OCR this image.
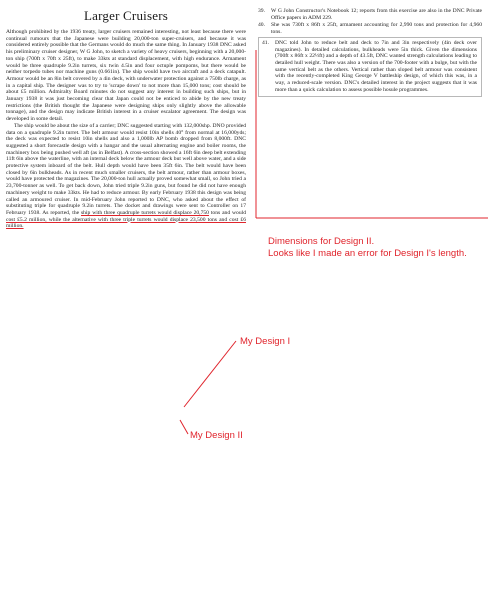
Larger Cruisers

Although prohibited by the 1936 treaty, larger cruisers remained interesting, not least because there were continual rumours that the Japanese were building 20,000-ton super-cruisers, and because it was considered entirely possible that the Germans would do much the same thing. In January 1938 DNC asked his preliminary cruiser designer, W G John, to sketch a variety of heavy cruisers, beginning with a 20,000-ton ship (700ft x 70ft x 25ft), to make 33kts at standard displacement, with high endurance. Armament would be three quadruple 9.2in turrets, six twin 4.5in and four octuple pompoms, but there would be neither torpedo tubes nor machine guns (0.661in). The ship would have two aircraft and a deck catapult. Armour would be an 8in belt covered by a 4in deck, with underwater protection against a 750lb charge, as in a capital ship. The designer was to try to 'scrape down' to not more than 15,000 tons; cost should be about £5 million. Admiralty Board minutes do not suggest any interest in building such ships, but in January 1938 it was just becoming clear that Japan could not be enticed to abide by the new treaty restrictions (the British thought the Japanese were designing ships only slightly above the allowable tonnage), and the design may indicate British interest in a cruiser escalator agreement. The design was developed in some detail.

The ship would be about the size of a carrier; DNC suggested starting with 132,000shp. DNO provided data on a quadruple 9.2in turret. The belt armour would resist 10in shells 40° from normal at 16,000yds; the deck was expected to resist 10in shells and also a 1,000lb AP bomb dropped from 8,000ft. DNC suggested a short forecastle design with a hangar and the usual alternating engine and boiler rooms, the machinery box being pushed well aft (as in Belfast). A cross-section showed a 16ft 6in deep belt extending 11ft 6in above the waterline, with an internal deck below the armour deck but well above water, and a side protective system inboard of the belt. Hull depth would have been 35ft 6in. The belt would have been closed by 6in bulkheads. As in recent much smaller cruisers, the belt armour, rather than armour boxes, would have protected the magazines. The 20,000-ton hull actually proved somewhat small, so John tried a 23,700-tonner as well. To get back down, John tried triple 9.2in guns, but found he did not have enough machinery weight to make 33kts. He had to reduce armour. By early February 1938 this design was being called an armoured cruiser. In mid-February John reported to DNC, who asked about the effect of substituting triple for quadruple 9.2in turrets. The docket and drawings were sent to Controller on 17 February 1938. As reported, the ship with three quadruple turrets would displace 20,750 tons and would cost £5.2 million, while the alternative with three triple turrets would displace 23,500 tons and cost £6 million.

39.	W G John Constructor's Notebook 12; reports from this exercise are also in the DNC Private Office papers in ADM 229.
40.	She was 730ft x 86ft x 25ft, armament accounting for 2,990 tons and protection for 4,960 tons.
41.	DNC told John to reduce belt and deck to 7in and 3in respectively (4in deck over magazines). In detailed calculations, bulkheads were 5in thick. Given the dimensions (700ft x 86ft x 22½ft) and a depth of 43.5ft, DNC wanted strength calculations leading to detailed hull weight. There was also a version of the 700-footer with a bulge, but with the same vertical belt as the others. Vertical rather than sloped belt armour was consistent with the recently-completed King George V battleship design, of which this was, in a way, a reduced-scale version. DNC's detailed interest in the project suggests that it was more than a quick calculation to assess possible hosule programmes.
Dimensions for Design II.
Looks like I made an error for Design I's length.
My Design I
My Design II
